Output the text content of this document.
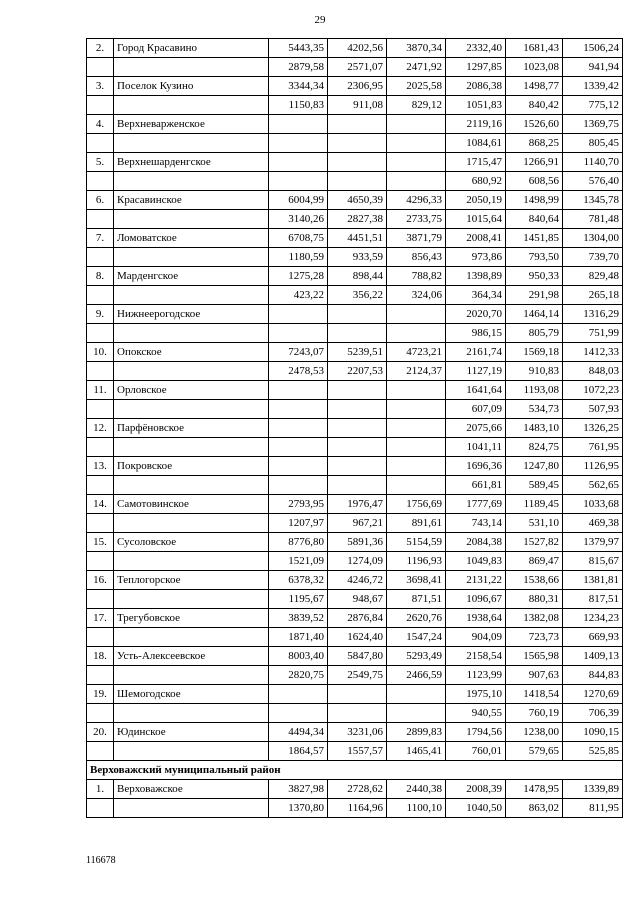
29
2.	Город Красавино	5443,35	4202,56	3870,34	2332,40	1681,43	1506,24
		2879,58	2571,07	2471,92	1297,85	1023,08	941,94
3.	Поселок Кузино	3344,34	2306,95	2025,58	2086,38	1498,77	1339,42
		1150,83	911,08	829,12	1051,83	840,42	775,12
4.	Верхневарженское				2119,16	1526,60	1369,75
					1084,61	868,25	805,45
5.	Верхнешарденгское				1715,47	1266,91	1140,70
					680,92	608,56	576,40
6.	Красавинское	6004,99	4650,39	4296,33	2050,19	1498,99	1345,78
		3140,26	2827,38	2733,75	1015,64	840,64	781,48
7.	Ломоватское	6708,75	4451,51	3871,79	2008,41	1451,85	1304,00
		1180,59	933,59	856,43	973,86	793,50	739,70
8.	Марденгское	1275,28	898,44	788,82	1398,89	950,33	829,48
		423,22	356,22	324,06	364,34	291,98	265,18
9.	Нижнеерогодское				2020,70	1464,14	1316,29
					986,15	805,79	751,99
10.	Опокское	7243,07	5239,51	4723,21	2161,74	1569,18	1412,33
		2478,53	2207,53	2124,37	1127,19	910,83	848,03
11.	Орловское				1641,64	1193,08	1072,23
					607,09	534,73	507,93
12.	Парфёновское				2075,66	1483,10	1326,25
					1041,11	824,75	761,95
13.	Покровское				1696,36	1247,80	1126,95
					661,81	589,45	562,65
14.	Самотовинское	2793,95	1976,47	1756,69	1777,69	1189,45	1033,68
		1207,97	967,21	891,61	743,14	531,10	469,38
15.	Сусоловское	8776,80	5891,36	5154,59	2084,38	1527,82	1379,97
		1521,09	1274,09	1196,93	1049,83	869,47	815,67
16.	Теплогорское	6378,32	4246,72	3698,41	2131,22	1538,66	1381,81
		1195,67	948,67	871,51	1096,67	880,31	817,51
17.	Трегубовское	3839,52	2876,84	2620,76	1938,64	1382,08	1234,23
		1871,40	1624,40	1547,24	904,09	723,73	669,93
18.	Усть-Алексеевское	8003,40	5847,80	5293,49	2158,54	1565,98	1409,13
		2820,75	2549,75	2466,59	1123,99	907,63	844,83
19.	Шемогодское				1975,10	1418,54	1270,69
					940,55	760,19	706,39
20.	Юдинское	4494,34	3231,06	2899,83	1794,56	1238,00	1090,15
		1864,57	1557,57	1465,41	760,01	579,65	525,85
Верховажский муниципальный район							
1.	Верховажское	3827,98	2728,62	2440,38	2008,39	1478,95	1339,89
		1370,80	1164,96	1100,10	1040,50	863,02	811,95
116678
